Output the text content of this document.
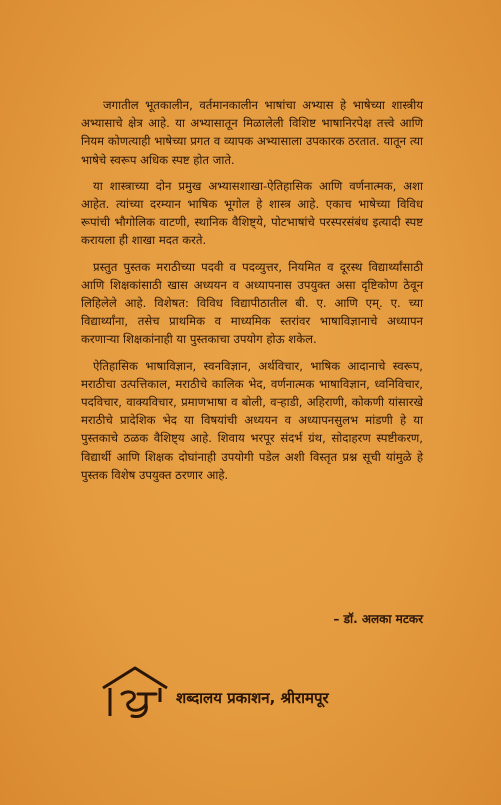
जगातील भूतकालीन, वर्तमानकालीन भाषांचा अभ्यास हे भाषेच्या शास्त्रीय अभ्यासाचे क्षेत्र आहे. या अभ्यासातून मिळालेली विशिष्ट भाषानिरपेक्ष तत्त्वे आणि नियम कोणत्याही भाषेच्या प्रगत व व्यापक अभ्यासाला उपकारक ठरतात. यातून त्या भाषेचे स्वरूप अधिक स्पष्ट होत जाते.

या शास्त्राच्या दोन प्रमुख अभ्यासशाखा-ऐतिहासिक आणि वर्णनात्मक, अशा आहेत. त्यांच्या दरम्यान भाषिक भूगोल हे शास्त्र आहे. एकाच भाषेच्या विविध रूपांची भौगोलिक वाटणी, स्थानिक वैशिष्ट्ये, पोटभाषांचे परस्परसंबंध इत्यादी स्पष्ट करायला ही शाखा मदत करते.

प्रस्तुत पुस्तक मराठीच्या पदवी व पदव्युत्तर, नियमित व दूरस्थ विद्यार्थ्यांसाठी आणि शिक्षकांसाठी खास अध्ययन व अध्यापनास उपयुक्त असा दृष्टिकोण ठेवून लिहिलेले आहे. विशेषत: विविध विद्यापीठातील बी. ए. आणि एम्. ए. च्या विद्यार्थ्यांना, तसेच प्राथमिक व माध्यमिक स्तरांवर भाषाविज्ञानाचे अध्यापन करणाऱ्या शिक्षकांनाही या पुस्तकाचा उपयोग होऊ शकेल.

ऐतिहासिक भाषाविज्ञान, स्वनविज्ञान, अर्थविचार, भाषिक आदानाचे स्वरूप, मराठीचा उत्पत्तिकाल, मराठीचे कालिक भेद, वर्णनात्मक भाषाविज्ञान, ध्वनिविचार, पदविचार, वाक्यविचार, प्रमाणभाषा व बोली, वऱ्हाडी, अहिराणी, कोकणी यांसारखे मराठीचे प्रादेशिक भेद या विषयांची अध्ययन व अध्यापनसुलभ मांडणी हे या पुस्तकाचे ठळक वैशिष्ट्य आहे. शिवाय भरपूर संदर्भ ग्रंथ, सोदाहरण स्पष्टीकरण, विद्यार्थी आणि शिक्षक दोघांनाही उपयोगी पडेल अशी विस्तृत प्रश्न सूची यांमुळे हे पुस्तक विशेष उपयुक्त ठरणार आहे.

– डॉ. अलका मटकर
शब्दालय प्रकाशन, श्रीरामपूर
